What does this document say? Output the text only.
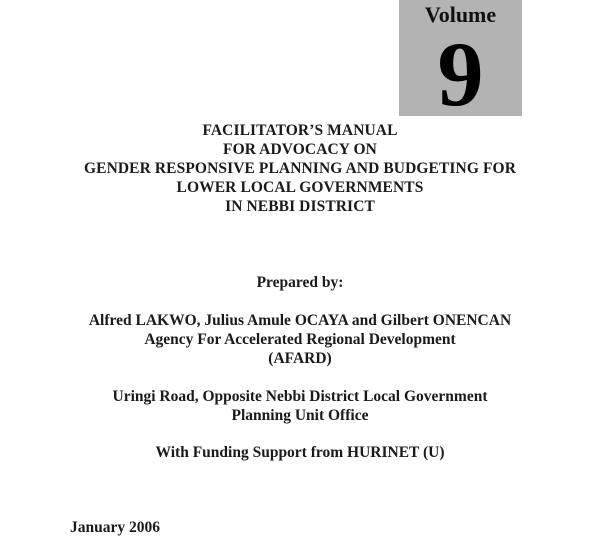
Volume
9
FACILITATOR’S MANUAL
FOR ADVOCACY ON
GENDER RESPONSIVE PLANNING AND BUDGETING FOR
LOWER LOCAL GOVERNMENTS
IN NEBBI DISTRICT
Prepared by:
Alfred LAKWO, Julius Amule OCAYA and Gilbert ONENCAN
Agency For Accelerated Regional Development
(AFARD)
Uringi Road, Opposite Nebbi District Local Government
Planning Unit Office
With Funding Support from HURINET (U)
January 2006
